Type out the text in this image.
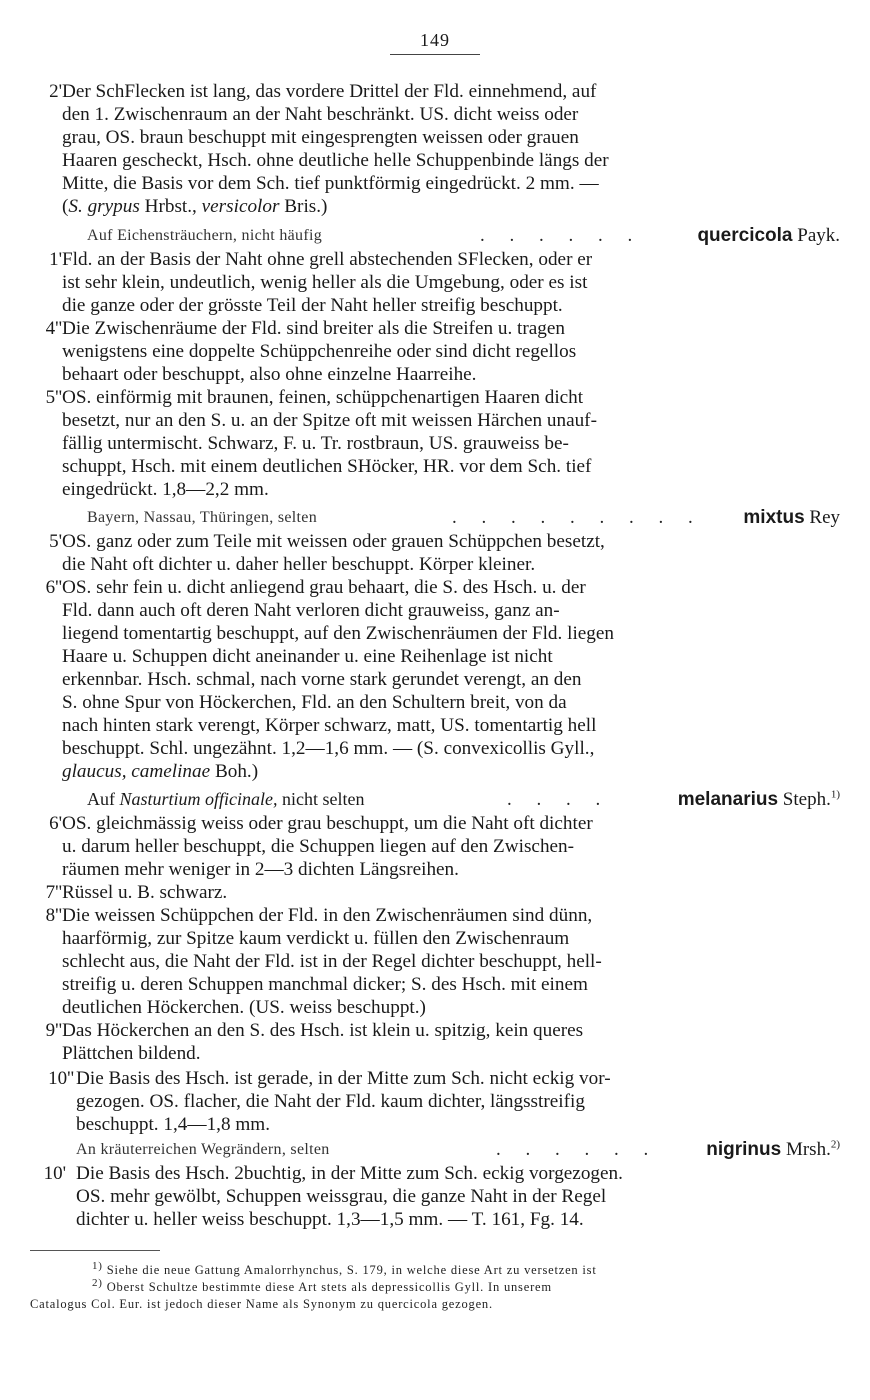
149
2' Der SchFlecken ist lang, das vordere Drittel der Fld. einnehmend, auf
den 1. Zwischenraum an der Naht beschränkt. US. dicht weiss oder
grau, OS. braun beschuppt mit eingesprengten weissen oder grauen
Haaren gescheckt, Hsch. ohne deutliche helle Schuppenbinde längs der
Mitte, die Basis vor dem Sch. tief punktförmig eingedrückt. 2 mm. —
(S. grypus Hrbst., versicolor Bris.)
Auf Eichensträuchern, nicht häufig	. . . . . .	quercicola Payk.
1' Fld. an der Basis der Naht ohne grell abstechenden SFlecken, oder er
ist sehr klein, undeutlich, wenig heller als die Umgebung, oder es ist
die ganze oder der grösste Teil der Naht heller streifig beschuppt.
4'' Die Zwischenräume der Fld. sind breiter als die Streifen u. tragen
wenigstens eine doppelte Schüppchenreihe oder sind dicht regellos
behaart oder beschuppt, also ohne einzelne Haarreihe.
5'' OS. einförmig mit braunen, feinen, schüppchenartigen Haaren dicht
besetzt, nur an den S. u. an der Spitze oft mit weissen Härchen unauf-
fällig untermischt. Schwarz, F. u. Tr. rostbraun, US. grauweiss be-
schuppt, Hsch. mit einem deutlichen SHöcker, HR. vor dem Sch. tief
eingedrückt. 1,8—2,2 mm.
Bayern, Nassau, Thüringen, selten	. . . . . . . . . mixtus Rey
5' OS. ganz oder zum Teile mit weissen oder grauen Schüppchen besetzt,
die Naht oft dichter u. daher heller beschuppt. Körper kleiner.
6'' OS. sehr fein u. dicht anliegend grau behaart, die S. des Hsch. u. der
Fld. dann auch oft deren Naht verloren dicht grauweiss, ganz an-
liegend tomentartig beschuppt, auf den Zwischenräumen der Fld. liegen
Haare u. Schuppen dicht aneinander u. eine Reihenlage ist nicht
erkennbar. Hsch. schmal, nach vorne stark gerundet verengt, an den
S. ohne Spur von Höckerchen, Fld. an den Schultern breit, von da
nach hinten stark verengt, Körper schwarz, matt, US. tomentartig hell
beschuppt. Schl. ungezähnt. 1,2—1,6 mm. — (S. convexicollis Gyll.,
glaucus, camelinae Boh.)
Auf Nasturtium officinale, nicht selten	. . . .	melanarius Steph.$^{1)}$
6' OS. gleichmässig weiss oder grau beschuppt, um die Naht oft dichter
u. darum heller beschuppt, die Schuppen liegen auf den Zwischen-
räumen mehr weniger in 2—3 dichten Längsreihen.
7'' Rüssel u. B. schwarz.
8'' Die weissen Schüppchen der Fld. in den Zwischenräumen sind dünn,
haarförmig, zur Spitze kaum verdickt u. füllen den Zwischenraum
schlecht aus, die Naht der Fld. ist in der Regel dichter beschuppt, hell-
streifig u. deren Schuppen manchmal dicker; S. des Hsch. mit einem
deutlichen Höckerchen. (US. weiss beschuppt.)
9'' Das Höckerchen an den S. des Hsch. ist klein u. spitzig, kein queres
Plättchen bildend.
10'' Die Basis des Hsch. ist gerade, in der Mitte zum Sch. nicht eckig vor-
gezogen. OS. flacher, die Naht der Fld. kaum dichter, längsstreifig
beschuppt. 1,4—1,8 mm.
An kräuterreichen Wegrändern, selten	. . . . . .	nigrinus Mrsh.$^{2)}$
10' Die Basis des Hsch. 2buchtig, in der Mitte zum Sch. eckig vorgezogen.
OS. mehr gewölbt, Schuppen weissgrau, die ganze Naht in der Regel
dichter u. heller weiss beschuppt. 1,3—1,5 mm. — T. 161, Fg. 14.
$^{1)}$ Siehe die neue Gattung Amalorrhynchus, S. 179, in welche diese Art zu versetzen ist
$^{2)}$ Oberst Schultze bestimmte diese Art stets als depressicollis Gyll. In unserem
Catalogus Col. Eur. ist jedoch dieser Name als Synonym zu quercicola gezogen.
